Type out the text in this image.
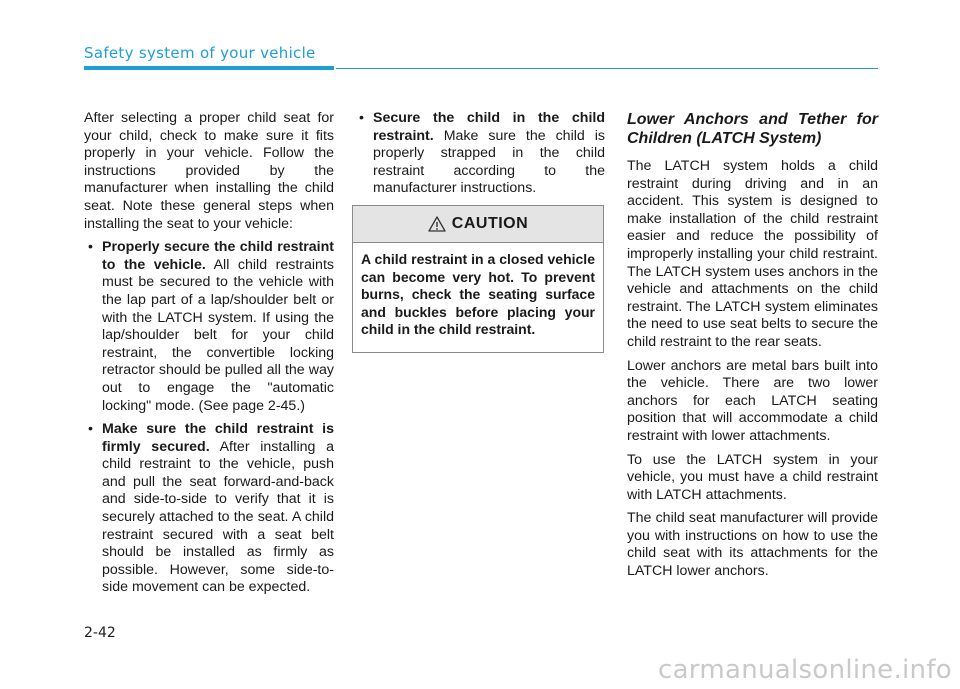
Safety system of your vehicle

After selecting a proper child seat for your child, check to make sure it fits properly in your vehicle. Follow the instructions provided by the manufacturer when installing the child seat. Note these general steps when installing the seat to your vehicle:

• Properly secure the child restraint to the vehicle. All child restraints must be secured to the vehicle with the lap part of a lap/shoulder belt or with the LATCH system. If using the lap/shoulder belt for your child restraint, the convertible locking retractor should be pulled all the way out to engage the "automatic locking" mode. (See page 2-45.)
• Make sure the child restraint is firmly secured. After installing a child restraint to the vehicle, push and pull the seat forward-and-back and side-to-side to verify that it is securely attached to the seat. A child restraint secured with a seat belt should be installed as firmly as possible. However, some side-to- side movement can be expected.
• Secure the child in the child restraint. Make sure the child is properly strapped in the child restraint according to the manufacturer instructions.
CAUTION
A child restraint in a closed vehicle can become very hot. To prevent burns, check the seating surface and buckles before placing your child in the child restraint.

Lower Anchors and Tether for Children (LATCH System)

The LATCH system holds a child restraint during driving and in an accident. This system is designed to make installation of the child restraint easier and reduce the possibility of improperly installing your child restraint. The LATCH system uses anchors in the vehicle and attachments on the child restraint. The LATCH system eliminates the need to use seat belts to secure the child restraint to the rear seats.

Lower anchors are metal bars built into the vehicle. There are two lower anchors for each LATCH seating position that will accommodate a child restraint with lower attachments.

To use the LATCH system in your vehicle, you must have a child restraint with LATCH attachments.

The child seat manufacturer will provide you with instructions on how to use the child seat with its attachments for the LATCH lower anchors.

2-42
carmanualsonline.info
